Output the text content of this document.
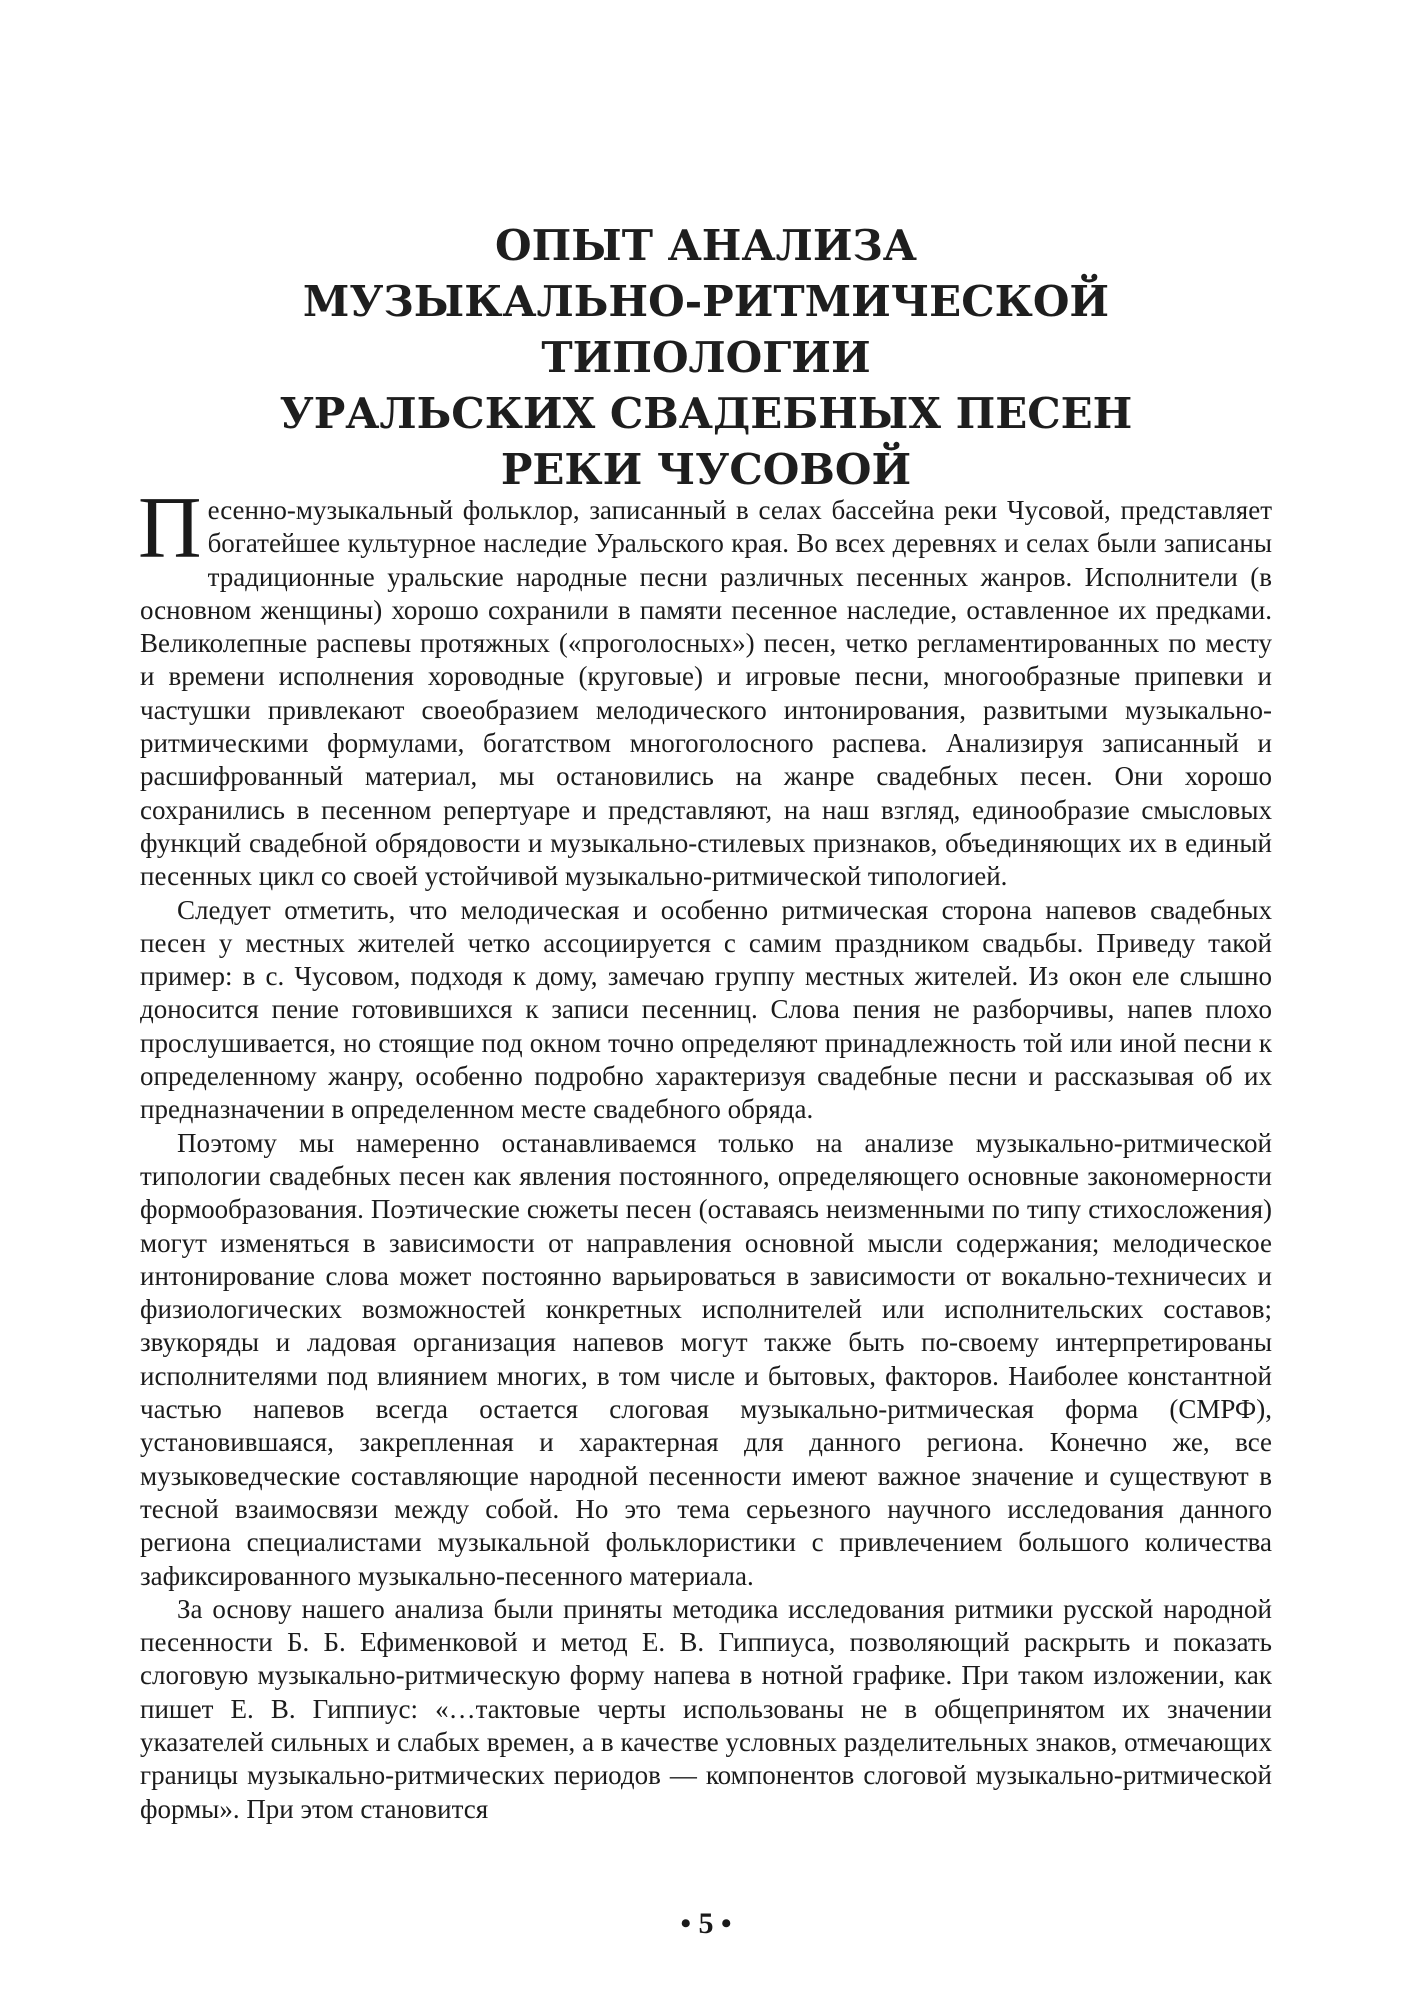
ОПЫТ АНАЛИЗА
МУЗЫКАЛЬНО-РИТМИЧЕСКОЙ ТИПОЛОГИИ
УРАЛЬСКИХ СВАДЕБНЫХ ПЕСЕН
РЕКИ ЧУСОВОЙ

Песенно-музыкальный фольклор, записанный в селах бассейна реки Чусовой, представляет богатейшее культурное наследие Уральского края. Во всех деревнях и селах были записаны традиционные уральские народные песни различных песенных жанров. Исполнители (в основном женщины) хорошо сохранили в памяти песенное наследие, оставленное их предками. Великолепные распевы протяжных («проголосных») песен, четко регламентированных по месту и времени исполнения хороводные (круговые) и игровые песни, многообразные припевки и частушки привлекают своеобразием мелодического интонирования, развитыми музыкально-ритмическими формулами, богатством многоголосного распева. Анализируя записанный и расшифрованный материал, мы остановились на жанре свадебных песен. Они хорошо сохранились в песенном репертуаре и представляют, на наш взгляд, единообразие смысловых функций свадебной обрядовости и музыкально-стилевых признаков, объединяющих их в единый песенных цикл со своей устойчивой музыкально-ритмической типологией.

Следует отметить, что мелодическая и особенно ритмическая сторона напевов свадебных песен у местных жителей четко ассоциируется с самим праздником свадьбы. Приведу такой пример: в с. Чусовом, подходя к дому, замечаю группу местных жителей. Из окон еле слышно доносится пение готовившихся к записи песенниц. Слова пения не разборчивы, напев плохо прослушивается, но стоящие под окном точно определяют принадлежность той или иной песни к определенному жанру, особенно подробно характеризуя свадебные песни и рассказывая об их предназначении в определенном месте свадебного обряда.

Поэтому мы намеренно останавливаемся только на анализе музыкально-ритмической типологии свадебных песен как явления постоянного, определяющего основные закономерности формообразования. Поэтические сюжеты песен (оставаясь неизменными по типу стихосложения) могут изменяться в зависимости от направления основной мысли содержания; мелодическое интонирование слова может постоянно варьироваться в зависимости от вокально-техничесих и физиологических возможностей конкретных исполнителей или исполнительских составов; звукоряды и ладовая организация напевов могут также быть по-своему интерпретированы исполнителями под влиянием многих, в том числе и бытовых, факторов. Наиболее константной частью напевов всегда остается слоговая музыкально-ритмическая форма (СМРФ), установившаяся, закрепленная и характерная для данного региона. Конечно же, все музыковедческие составляющие народной песенности имеют важное значение и существуют в тесной взаимосвязи между собой. Но это тема серьезного научного исследования данного региона специалистами музыкальной фольклористики с привлечением большого количества зафиксированного музыкально-песенного материала.

За основу нашего анализа были приняты методика исследования ритмики русской народной песенности Б. Б. Ефименковой и метод Е. В. Гиппиуса, позволяющий раскрыть и показать слоговую музыкально-ритмическую форму напева в нотной графике. При таком изложении, как пишет Е. В. Гиппиус: «…тактовые черты использованы не в общепринятом их значении указателей сильных и слабых времен, а в качестве условных разделительных знаков, отмечающих границы музыкально-ритмических периодов — компонентов слоговой музыкально-ритмической формы». При этом становится

• 5 •
